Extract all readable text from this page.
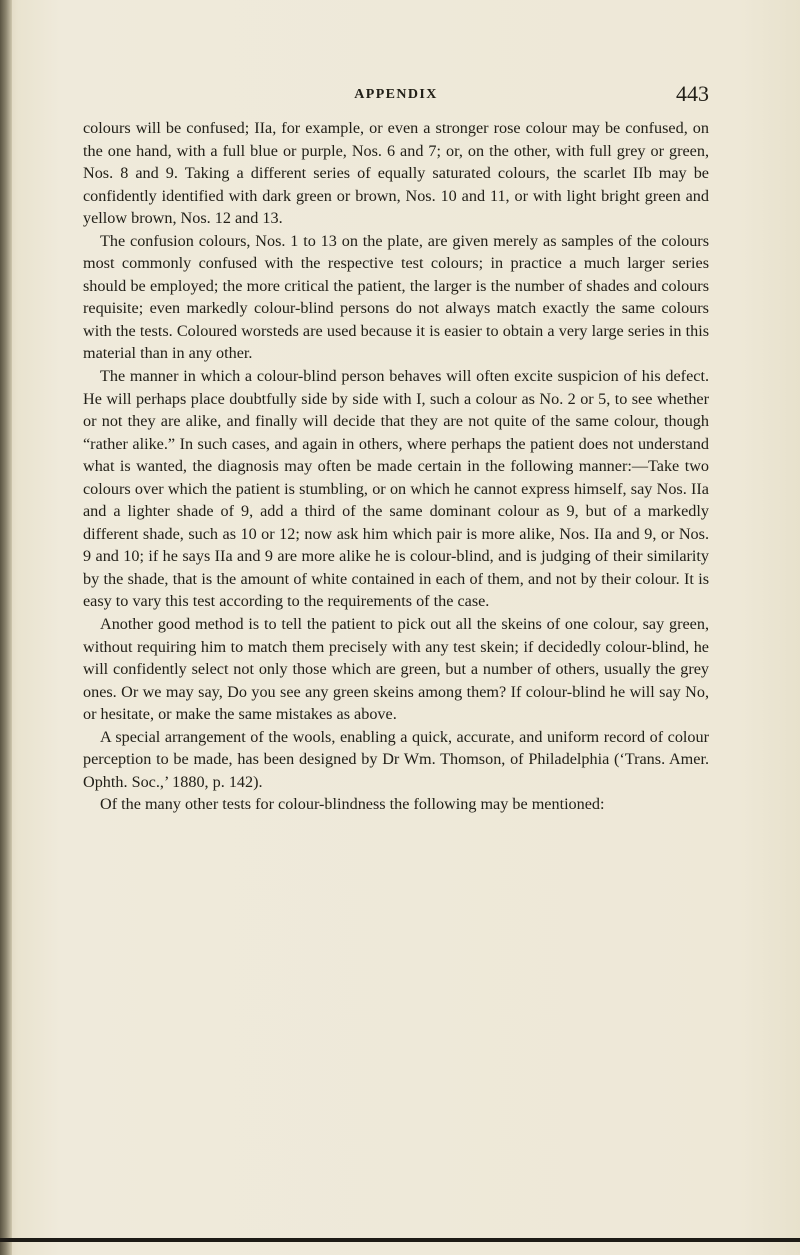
APPENDIX	443

colours will be confused; IIa, for example, or even a stronger rose colour may be confused, on the one hand, with a full blue or purple, Nos. 6 and 7; or, on the other, with full grey or green, Nos. 8 and 9. Taking a different series of equally saturated colours, the scarlet IIb may be confidently identified with dark green or brown, Nos. 10 and 11, or with light bright green and yellow brown, Nos. 12 and 13.

The confusion colours, Nos. 1 to 13 on the plate, are given merely as samples of the colours most commonly confused with the respective test colours; in practice a much larger series should be employed; the more critical the patient, the larger is the number of shades and colours requisite; even markedly colour-blind persons do not always match exactly the same colours with the tests. Coloured worsteds are used because it is easier to obtain a very large series in this material than in any other.

The manner in which a colour-blind person behaves will often excite suspicion of his defect. He will perhaps place doubtfully side by side with I, such a colour as No. 2 or 5, to see whether or not they are alike, and finally will decide that they are not quite of the same colour, though “rather alike.” In such cases, and again in others, where perhaps the patient does not understand what is wanted, the diagnosis may often be made certain in the following manner:—Take two colours over which the patient is stumbling, or on which he cannot express himself, say Nos. IIa and a lighter shade of 9, add a third of the same dominant colour as 9, but of a markedly different shade, such as 10 or 12; now ask him which pair is more alike, Nos. IIa and 9, or Nos. 9 and 10; if he says IIa and 9 are more alike he is colour-blind, and is judging of their similarity by the shade, that is the amount of white contained in each of them, and not by their colour. It is easy to vary this test according to the requirements of the case.

Another good method is to tell the patient to pick out all the skeins of one colour, say green, without requiring him to match them precisely with any test skein; if decidedly colour-blind, he will confidently select not only those which are green, but a number of others, usually the grey ones. Or we may say, Do you see any green skeins among them? If colour-blind he will say No, or hesitate, or make the same mistakes as above.

A special arrangement of the wools, enabling a quick, accurate, and uniform record of colour perception to be made, has been designed by Dr Wm. Thomson, of Philadelphia (‘Trans. Amer. Ophth. Soc.,’ 1880, p. 142).

Of the many other tests for colour-blindness the following may be mentioned:
